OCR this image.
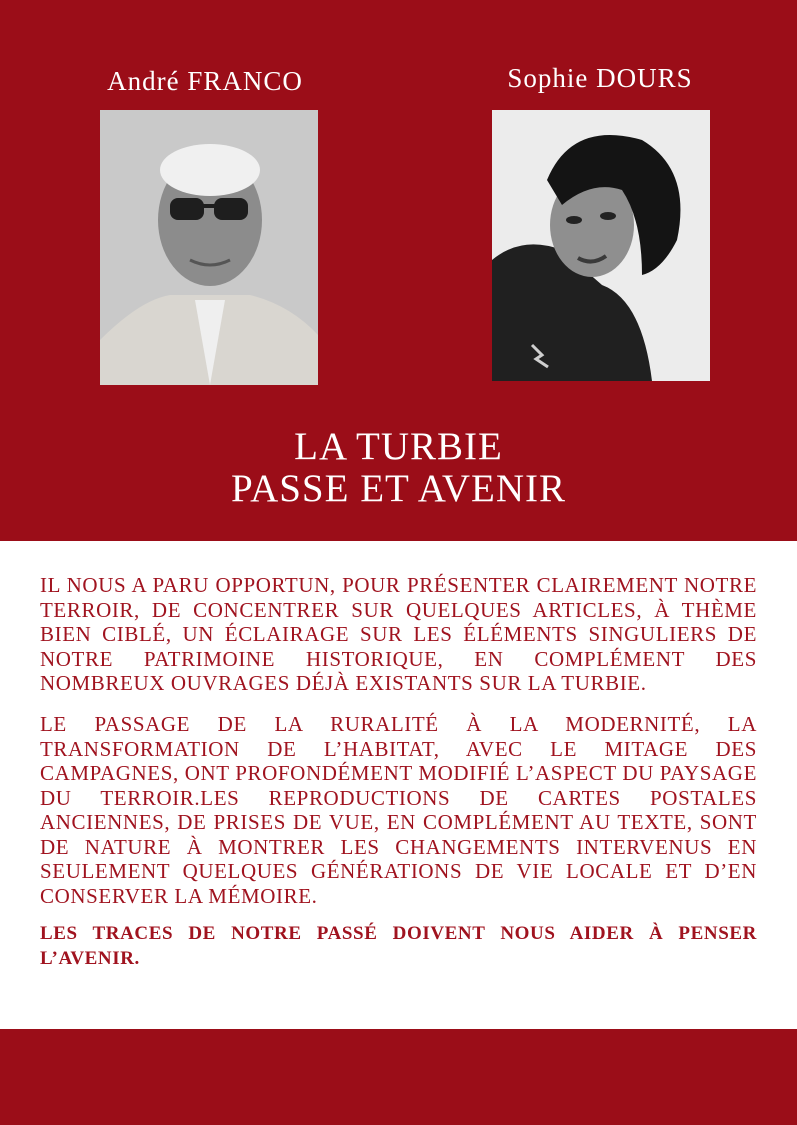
André FRANCO	Sophie DOURS
LA TURBIE
PASSE ET AVENIR

IL NOUS A PARU OPPORTUN, POUR PRÉSENTER CLAIREMENT NOTRE TERROIR, DE CONCENTRER SUR QUELQUES ARTICLES, À THÈME BIEN CIBLÉ, UN ÉCLAIRAGE SUR LES ÉLÉMENTS SINGULIERS DE NOTRE PATRIMOINE HISTORIQUE, EN COMPLÉMENT DES NOMBREUX OUVRAGES DÉJÀ EXISTANTS SUR LA TURBIE.

LE PASSAGE DE LA RURALITÉ À LA MODERNITÉ, LA TRANSFORMATION DE L’HABITAT, AVEC LE MITAGE DES CAMPAGNES, ONT PROFONDÉMENT MODIFIÉ L’ASPECT DU PAYSAGE DU TERROIR.LES REPRODUCTIONS DE CARTES POSTALES ANCIENNES, DE PRISES DE VUE, EN COMPLÉMENT AU TEXTE, SONT DE NATURE À MONTRER LES CHANGEMENTS INTERVENUS EN SEULEMENT QUELQUES GÉNÉRATIONS DE VIE LOCALE ET D’EN CONSERVER LA MÉMOIRE.

LES TRACES DE NOTRE PASSÉ DOIVENT NOUS AIDER À PENSER L’AVENIR.
